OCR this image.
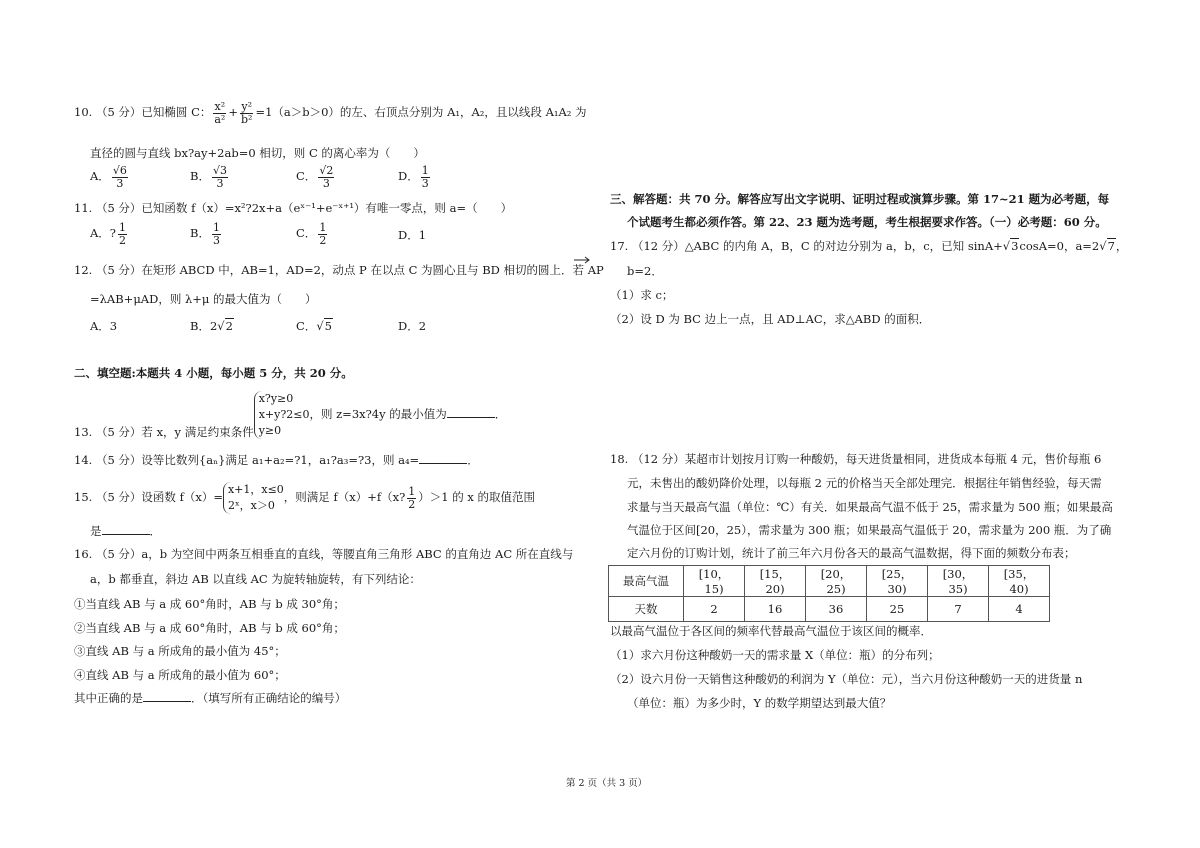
10. （5 分）已知椭圆 C： $\frac{\text{x²}}{\text{a²}} + \frac{\text{y²}}{\text{b²}} =1(a>b>0)$的左、右顶点分别为 A₁，A₂，且以线段 A₁A₂ 为
直径的圆与直线 bx?ay+2ab=0 相切，则 C 的离心率为（　　）
A． $\frac{√6}{3}$	B． $\frac{√3}{3}$	C． $\frac{√2}{3}$	D． $\frac{1}{3}$
11. （5 分）已知函数 f（x）=x²?2x+a（eˣ⁻¹+e⁻ˣ⁺¹）有唯一零点，则 a=（　　）
A．? $\frac{1}{2}$	B． $\frac{1}{3}$	C． $\frac{1}{2}$	D．1
12. （5 分）在矩形 ABCD 中，AB=1，AD=2，动点 P 在以点 C 为圆心且与 BD 相切的圆上．若 AP
=λAB+μAD，则 λ+μ 的最大值为（　　）
A．3	B．2√2	C．√5	D．2
二、填空题:本题共 4 小题，每小题 5 分，共 20 分。
13. （5 分）若 x，y 满足约束条件
x?y≥0
x+y?2≤0
y≥0
，则 z=3x?4y 的最小值为	．
14. （5 分）设等比数列{aₙ}满足 a₁+a₂=?1，a₁?a₃=?3，则 a₄=	．
15. （5 分）设函数 f（x）=
x+1，x≤0
2ˣ，x＞0
，则满足 f（x）+f（x? $\frac{1}{2} )>1$ 的 x 的取值范围
是	．
16. （5 分）a，b 为空间中两条互相垂直的直线，等腰直角三角形 ABC 的直角边 AC 所在直线与
a，b 都垂直，斜边 AB 以直线 AC 为旋转轴旋转，有下列结论：
①当直线 AB 与 a 成 60°角时，AB 与 b 成 30°角；
②当直线 AB 与 a 成 60°角时，AB 与 b 成 60°角；
③直线 AB 与 a 所成角的最小值为 45°；
④直线 AB 与 a 所成角的最小值为 60°；
其中正确的是	．（填写所有正确结论的编号）
三、解答题：共 70 分。解答应写出文字说明、证明过程或演算步骤。第 17~21 题为必考题，每
个试题考生都必须作答。第 22、23 题为选考题，考生根据要求作答。（一）必考题：60 分。
17. （12 分）△ABC 的内角 A，B，C 的对边分别为 a，b，c，已知 sinA+√3cosA=0，a=2√7，
b=2．
（1）求 c；
（2）设 D 为 BC 边上一点，且 AD⊥AC，求△ABD 的面积．
18. （12 分）某超市计划按月订购一种酸奶，每天进货量相同，进货成本每瓶 4 元，售价每瓶 6
元，未售出的酸奶降价处理，以每瓶 2 元的价格当天全部处理完．根据往年销售经验，每天需
求量与当天最高气温（单位：℃）有关．如果最高气温不低于 25，需求量为 500 瓶；如果最高
气温位于区间[20，25），需求量为 300 瓶；如果最高气温低于 20，需求量为 200 瓶．为了确
定六月份的订购计划，统计了前三年六月份各天的最高气温数据，得下面的频数分布表；
最高气温	[10，15)	[15，20)	[20，25)	[25，30)	[30，35)	[35，40)
天数	2	16	36	25	7	4
以最高气温位于各区间的频率代替最高气温位于该区间的概率．
（1）求六月份这种酸奶一天的需求量 X（单位：瓶）的分布列；
（2）设六月份一天销售这种酸奶的利润为 Y（单位：元），当六月份这种酸奶一天的进货量 n
（单位：瓶）为多少时，Y 的数学期望达到最大值？
第 2 页（共 3 页）
